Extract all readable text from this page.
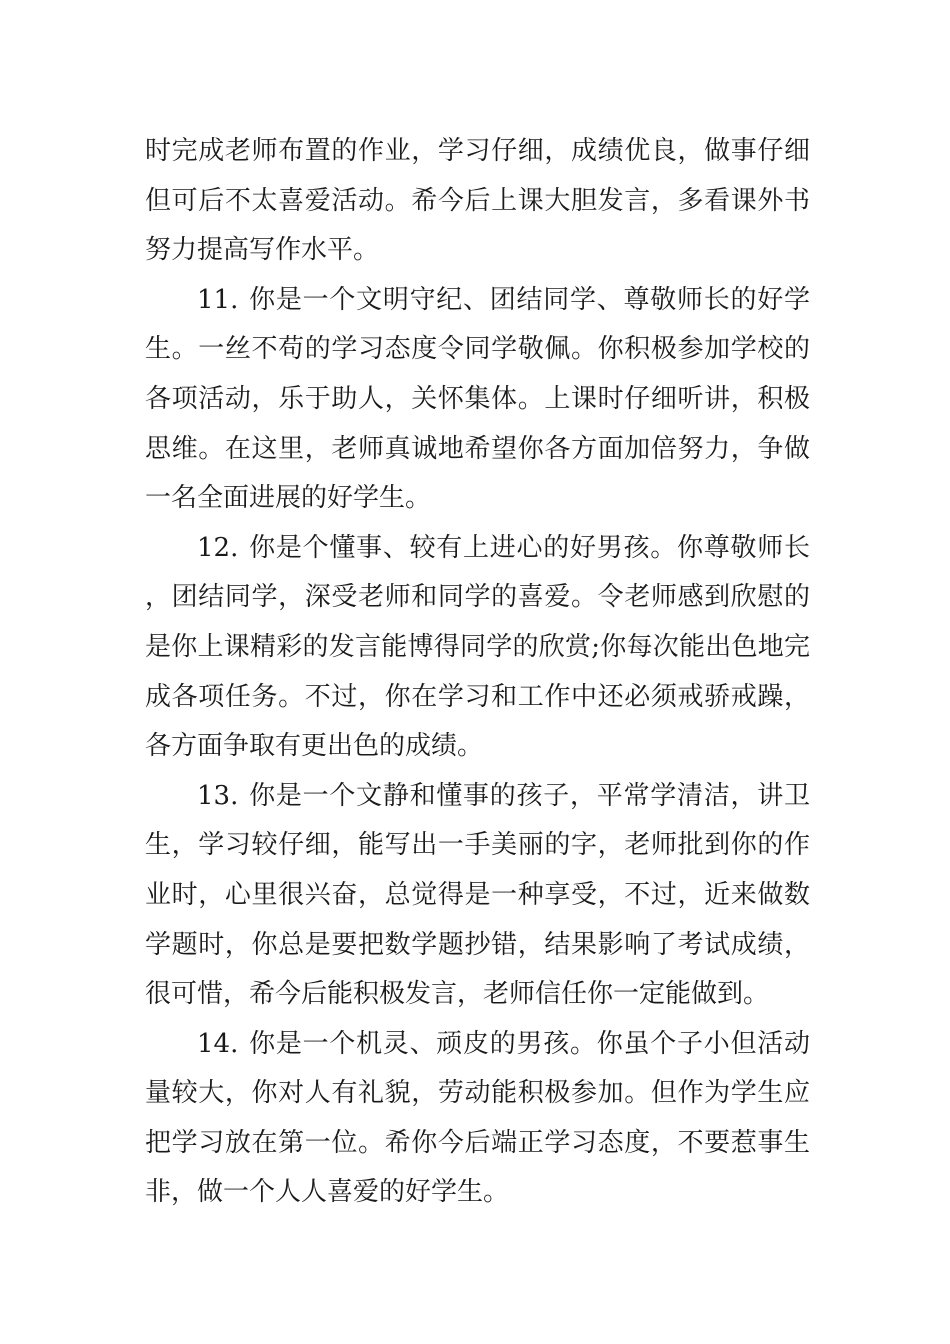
时完成老师布置的作业，学习仔细，成绩优良，做事仔细但可后不太喜爱活动。希今后上课大胆发言，多看课外书努力提高写作水平。

11. 你是一个文明守纪、团结同学、尊敬师长的好学生。一丝不苟的学习态度令同学敬佩。你积极参加学校的各项活动，乐于助人，关怀集体。上课时仔细听讲，积极思维。在这里，老师真诚地希望你各方面加倍努力，争做一名全面进展的好学生。

12. 你是个懂事、较有上进心的好男孩。你尊敬师长，团结同学，深受老师和同学的喜爱。令老师感到欣慰的是你上课精彩的发言能博得同学的欣赏;你每次能出色地完成各项任务。不过，你在学习和工作中还必须戒骄戒躁，各方面争取有更出色的成绩。

13. 你是一个文静和懂事的孩子，平常学清洁，讲卫生，学习较仔细，能写出一手美丽的字，老师批到你的作业时，心里很兴奋，总觉得是一种享受，不过，近来做数学题时，你总是要把数学题抄错，结果影响了考试成绩，很可惜，希今后能积极发言，老师信任你一定能做到。

14. 你是一个机灵、顽皮的男孩。你虽个子小但活动量较大，你对人有礼貌，劳动能积极参加。但作为学生应把学习放在第一位。希你今后端正学习态度，不要惹事生非，做一个人人喜爱的好学生。
